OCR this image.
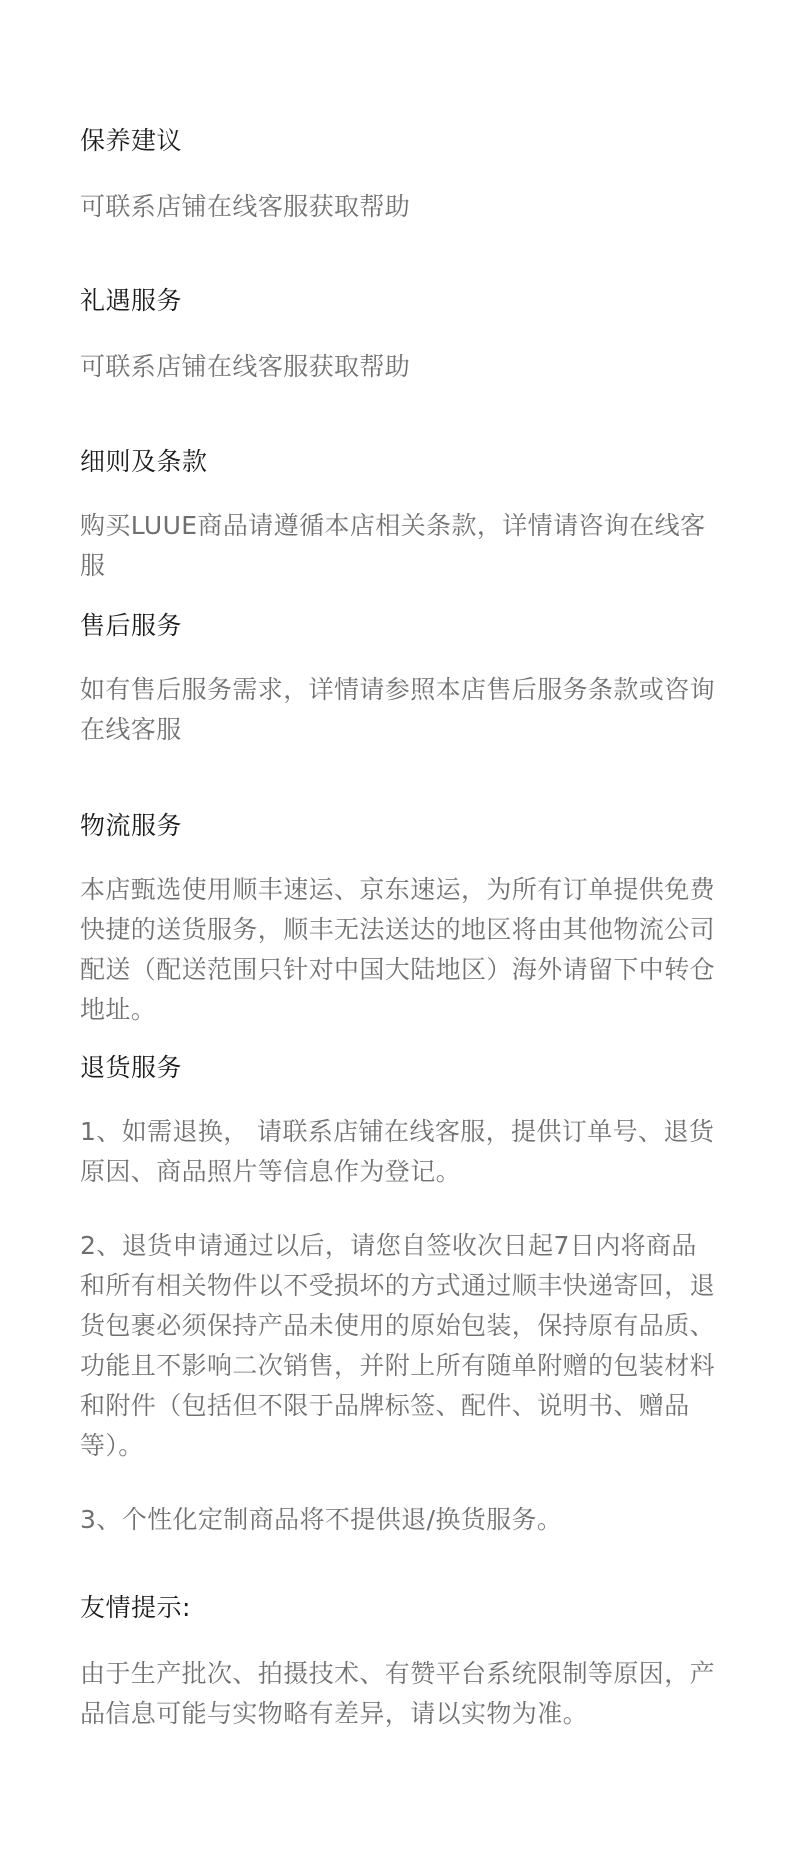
保养建议

可联系店铺在线客服获取帮助

礼遇服务

可联系店铺在线客服获取帮助

细则及条款

购买LUUE商品请遵循本店相关条款，详情请咨询在线客服

售后服务

如有售后服务需求，详情请参照本店售后服务条款或咨询在线客服

物流服务

本店甄选使用顺丰速运、京东速运，为所有订单提供免费快捷的送货服务，顺丰无法送达的地区将由其他物流公司配送（配送范围只针对中国大陆地区）海外请留下中转仓地址。

退货服务

1、如需退换， 请联系店铺在线客服，提供订单号、退货原因、商品照片等信息作为登记。

2、退货申请通过以后，请您自签收次日起7日内将商品和所有相关物件以不受损坏的方式通过顺丰快递寄回，退货包裹必须保持产品未使用的原始包装，保持原有品质、功能且不影响二次销售，并附上所有随单附赠的包装材料和附件（包括但不限于品牌标签、配件、说明书、赠品等）。

3、个性化定制商品将不提供退/换货服务。

友情提示:

由于生产批次、拍摄技术、有赞平台系统限制等原因，产品信息可能与实物略有差异，请以实物为准。
